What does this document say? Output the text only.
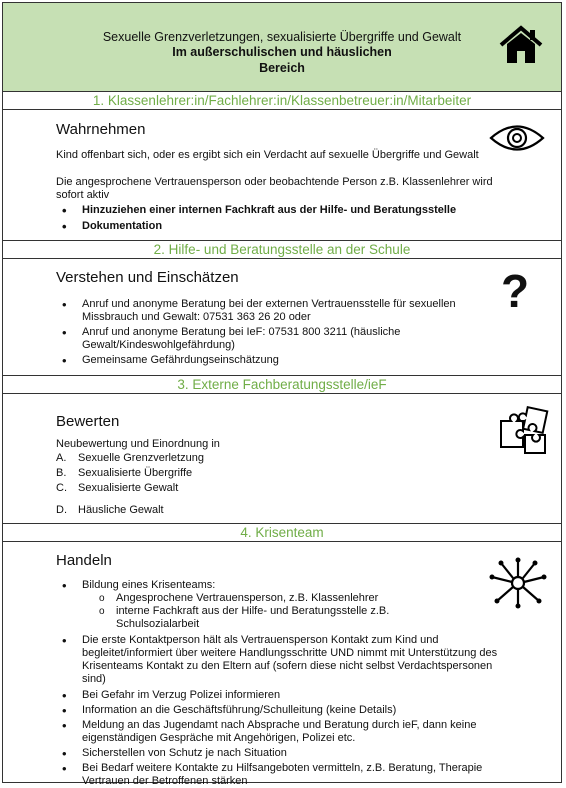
Sexuelle Grenzverletzungen, sexualisierte Übergriffe und Gewalt
Im außerschulischen und häuslichen
Bereich
1. Klassenlehrer:in/Fachlehrer:in/Klassenbetreuer:in/Mitarbeiter
Wahrnehmen
Kind offenbart sich, oder es ergibt sich ein Verdacht auf sexuelle Übergriffe und Gewalt
Die angesprochene Vertrauensperson oder beobachtende Person z.B. Klassenlehrer wird sofort aktiv
• Hinzuziehen einer internen Fachkraft aus der Hilfe- und Beratungsstelle
• Dokumentation
2. Hilfe- und Beratungsstelle an der Schule
Verstehen und Einschätzen	?
• Anruf und anonyme Beratung bei der externen Vertrauensstelle für sexuellen Missbrauch und Gewalt: 07531 363 26 20 oder
• Anruf und anonyme Beratung bei IeF: 07531 800 3211 (häusliche Gewalt/Kindeswohlgefährdung)
• Gemeinsame Gefährdungseinschätzung
3. Externe Fachberatungsstelle/ieF
Bewerten
Neubewertung und Einordnung in
A. Sexuelle Grenzverletzung
B. Sexualisierte Übergriffe
C. Sexualisierte Gewalt
D. Häusliche Gewalt
4. Krisenteam
Handeln
• Bildung eines Krisenteams:
o Angesprochene Vertrauensperson, z.B. Klassenlehrer
o interne Fachkraft aus der Hilfe- und Beratungsstelle z.B. Schulsozialarbeit
• Die erste Kontaktperson hält als Vertrauensperson Kontakt zum Kind und begleitet/informiert über weitere Handlungsschritte UND nimmt mit Unterstützung des Krisenteams Kontakt zu den Eltern auf (sofern diese nicht selbst Verdachtspersonen sind)
• Bei Gefahr im Verzug Polizei informieren
• Information an die Geschäftsführung/Schulleitung (keine Details)
• Meldung an das Jugendamt nach Absprache und Beratung durch ieF, dann keine eigenständigen Gespräche mit Angehörigen, Polizei etc.
• Sicherstellen von Schutz je nach Situation
• Bei Bedarf weitere Kontakte zu Hilfsangeboten vermitteln, z.B. Beratung, Therapie Vertrauen der Betroffenen stärken
